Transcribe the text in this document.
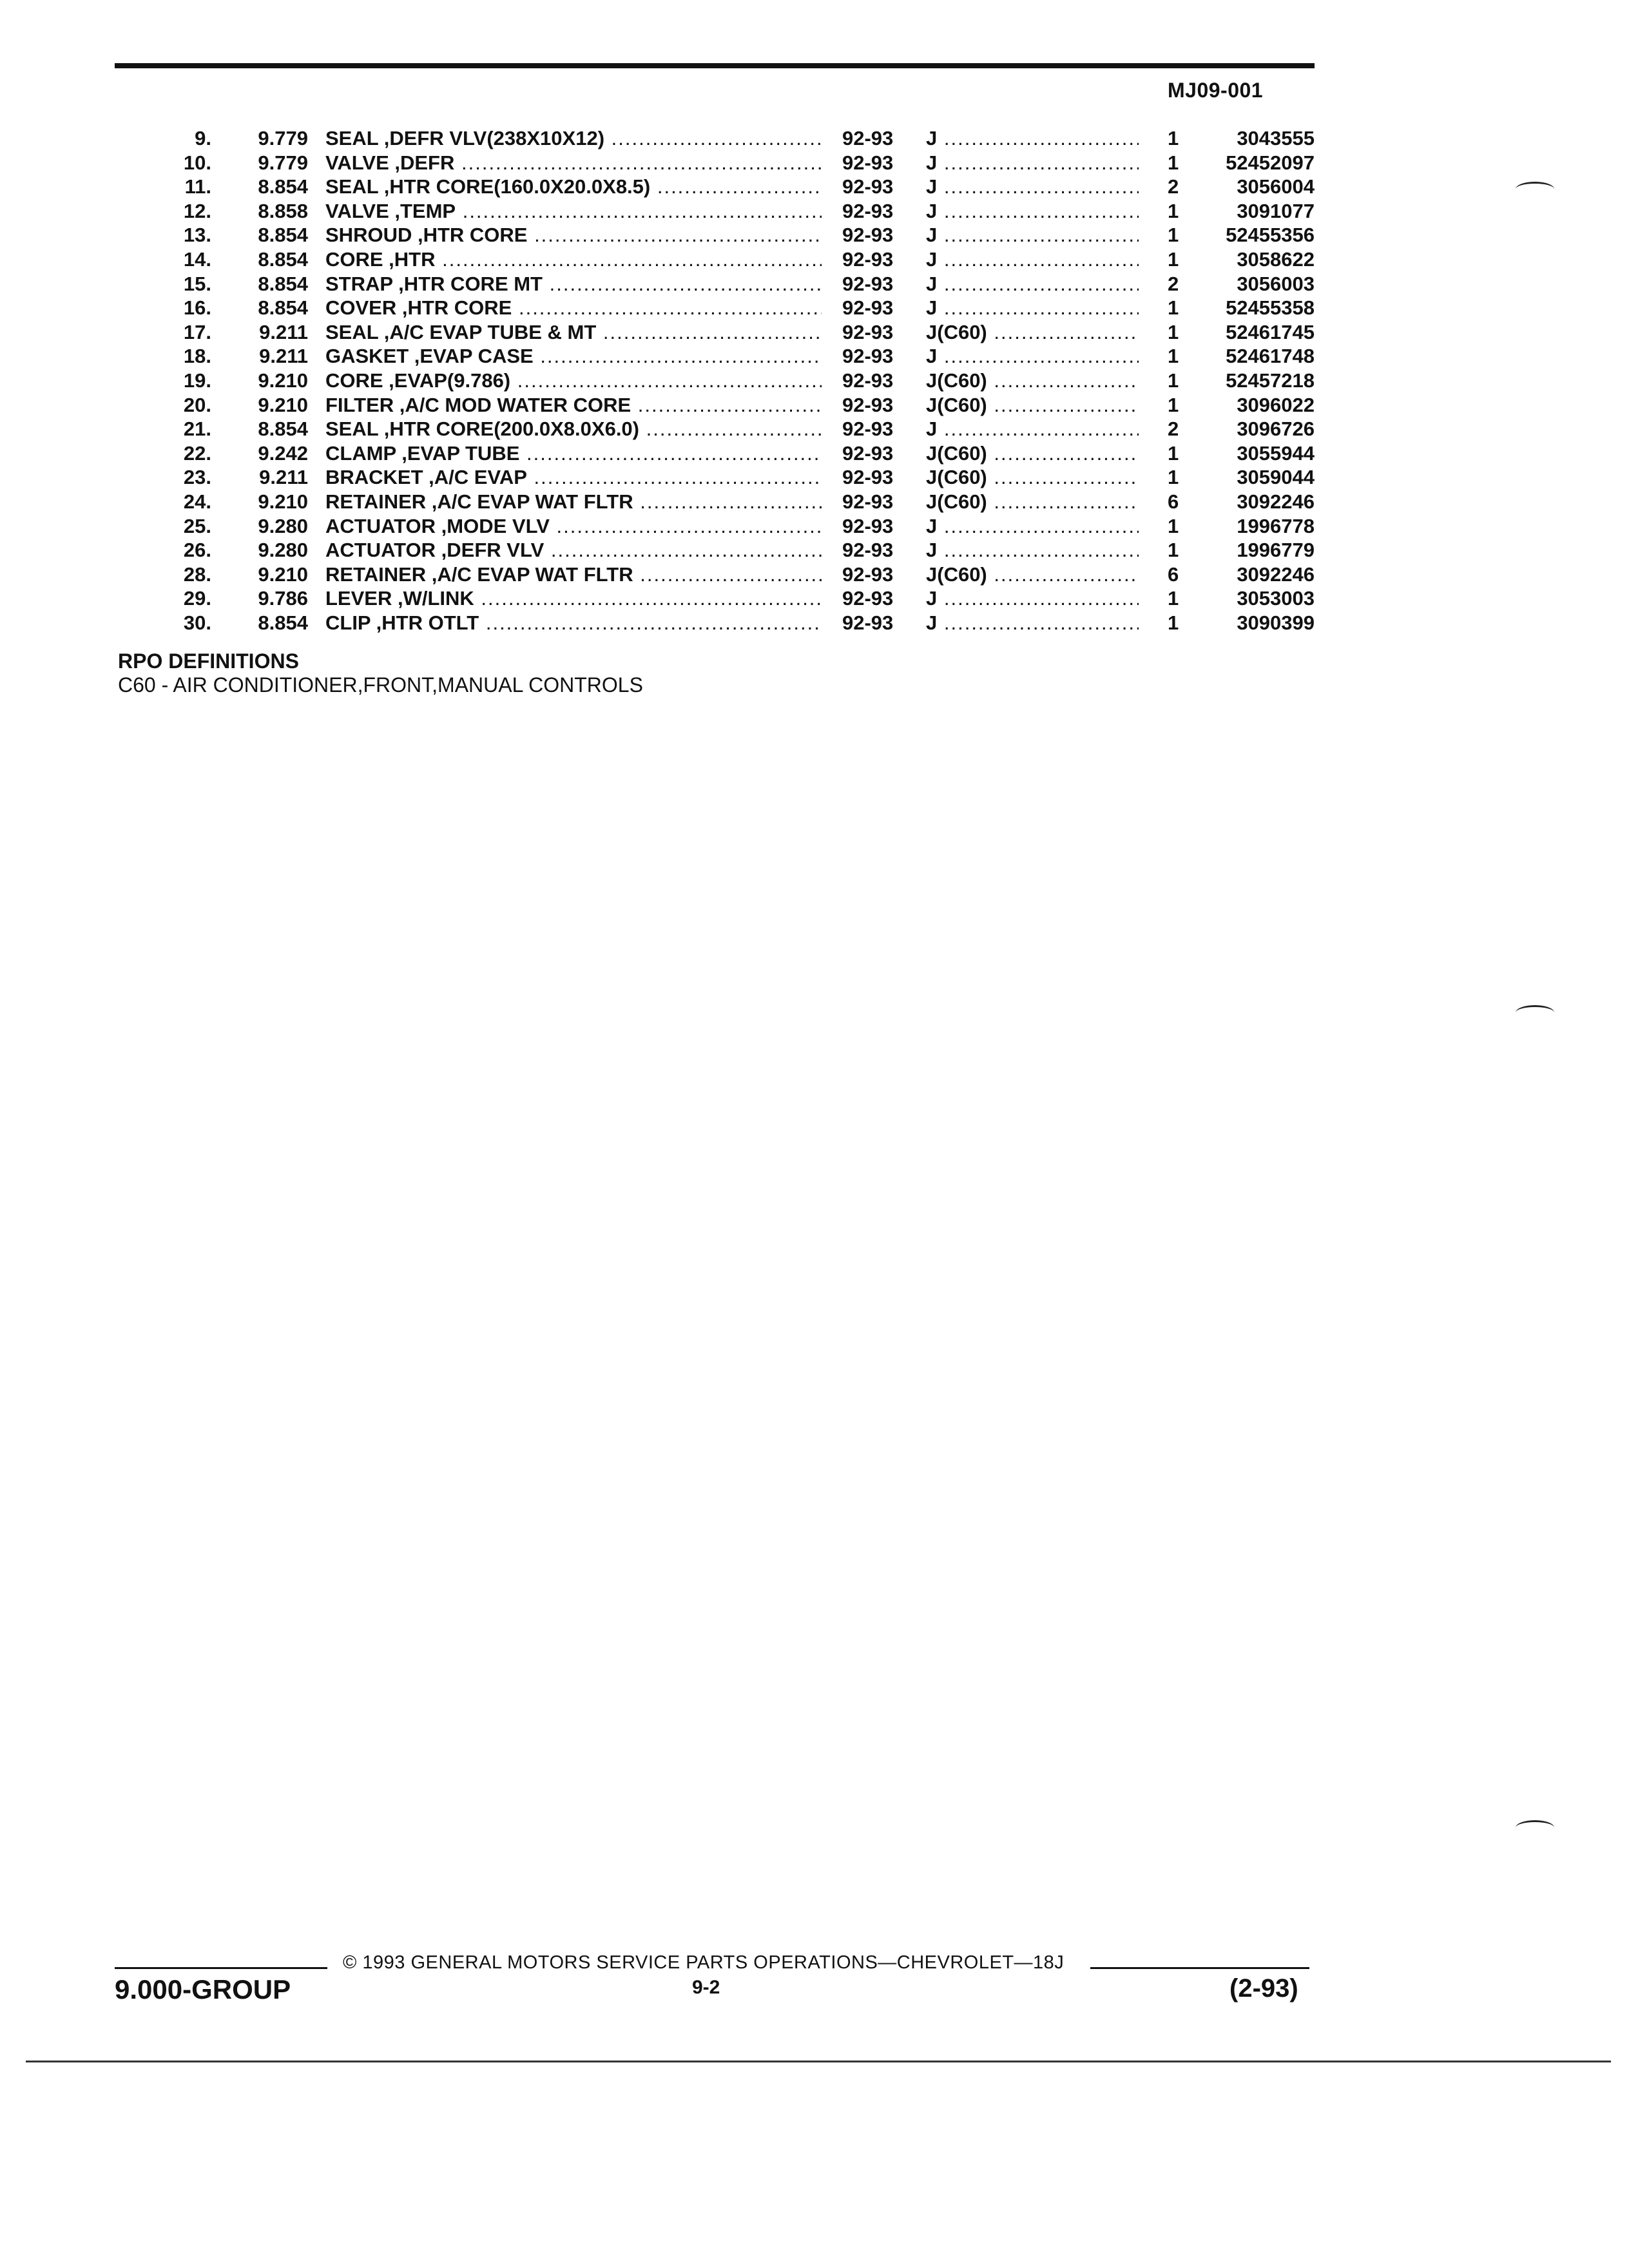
MJ09-001
9. 9.779 SEAL ,DEFR VLV(238X10X12) .....	92-93 J .....	1	3043555
10. 9.779 VALVE ,DEFR .....	92-93 J .....	1 52452097
11. 8.854 SEAL ,HTR CORE(160.0X20.0X8.5) .....	92-93 J .....	2	3056004
12. 8.858 VALVE ,TEMP .....	92-93 J .....	1	3091077
13. 8.854 SHROUD ,HTR CORE .....	92-93 J .....	1 52455356
14. 8.854 CORE ,HTR .....	92-93 J .....	1	3058622
15. 8.854 STRAP ,HTR CORE MT .....	92-93 J .....	2	3056003
16. 8.854 COVER ,HTR CORE .....	92-93 J .....	1 52455358
17. 9.211 SEAL ,A/C EVAP TUBE & MT .....	92-93 J(C60) .....	1 52461745
18. 9.211 GASKET ,EVAP CASE .....	92-93 J .....	1 52461748
19. 9.210 CORE ,EVAP(9.786) .....	92-93 J(C60) .....	1 52457218
20. 9.210 FILTER ,A/C MOD WATER CORE .....	92-93 J(C60) .....	1	3096022
21. 8.854 SEAL ,HTR CORE(200.0X8.0X6.0) .....	92-93 J .....	2	3096726
22. 9.242 CLAMP ,EVAP TUBE .....	92-93 J(C60) .....	1	3055944
23. 9.211 BRACKET ,A/C EVAP .....	92-93 J(C60) .....	1	3059044
24. 9.210 RETAINER ,A/C EVAP WAT FLTR .....	92-93 J(C60) .....	6	3092246
25. 9.280 ACTUATOR ,MODE VLV .....	92-93 J .....	1	1996778
26. 9.280 ACTUATOR ,DEFR VLV .....	92-93 J .....	1	1996779
28. 9.210 RETAINER ,A/C EVAP WAT FLTR .....	92-93 J(C60) .....	6	3092246
29. 9.786 LEVER ,W/LINK .....	92-93 J .....	1	3053003
30. 8.854 CLIP ,HTR OTLT .....	92-93 J .....	1	3090399
RPO DEFINITIONS
C60 - AIR CONDITIONER,FRONT,MANUAL CONTROLS
© 1993 GENERAL MOTORS SERVICE PARTS OPERATIONS—CHEVROLET—18J
9.000-GROUP	9-2	(2-93)
